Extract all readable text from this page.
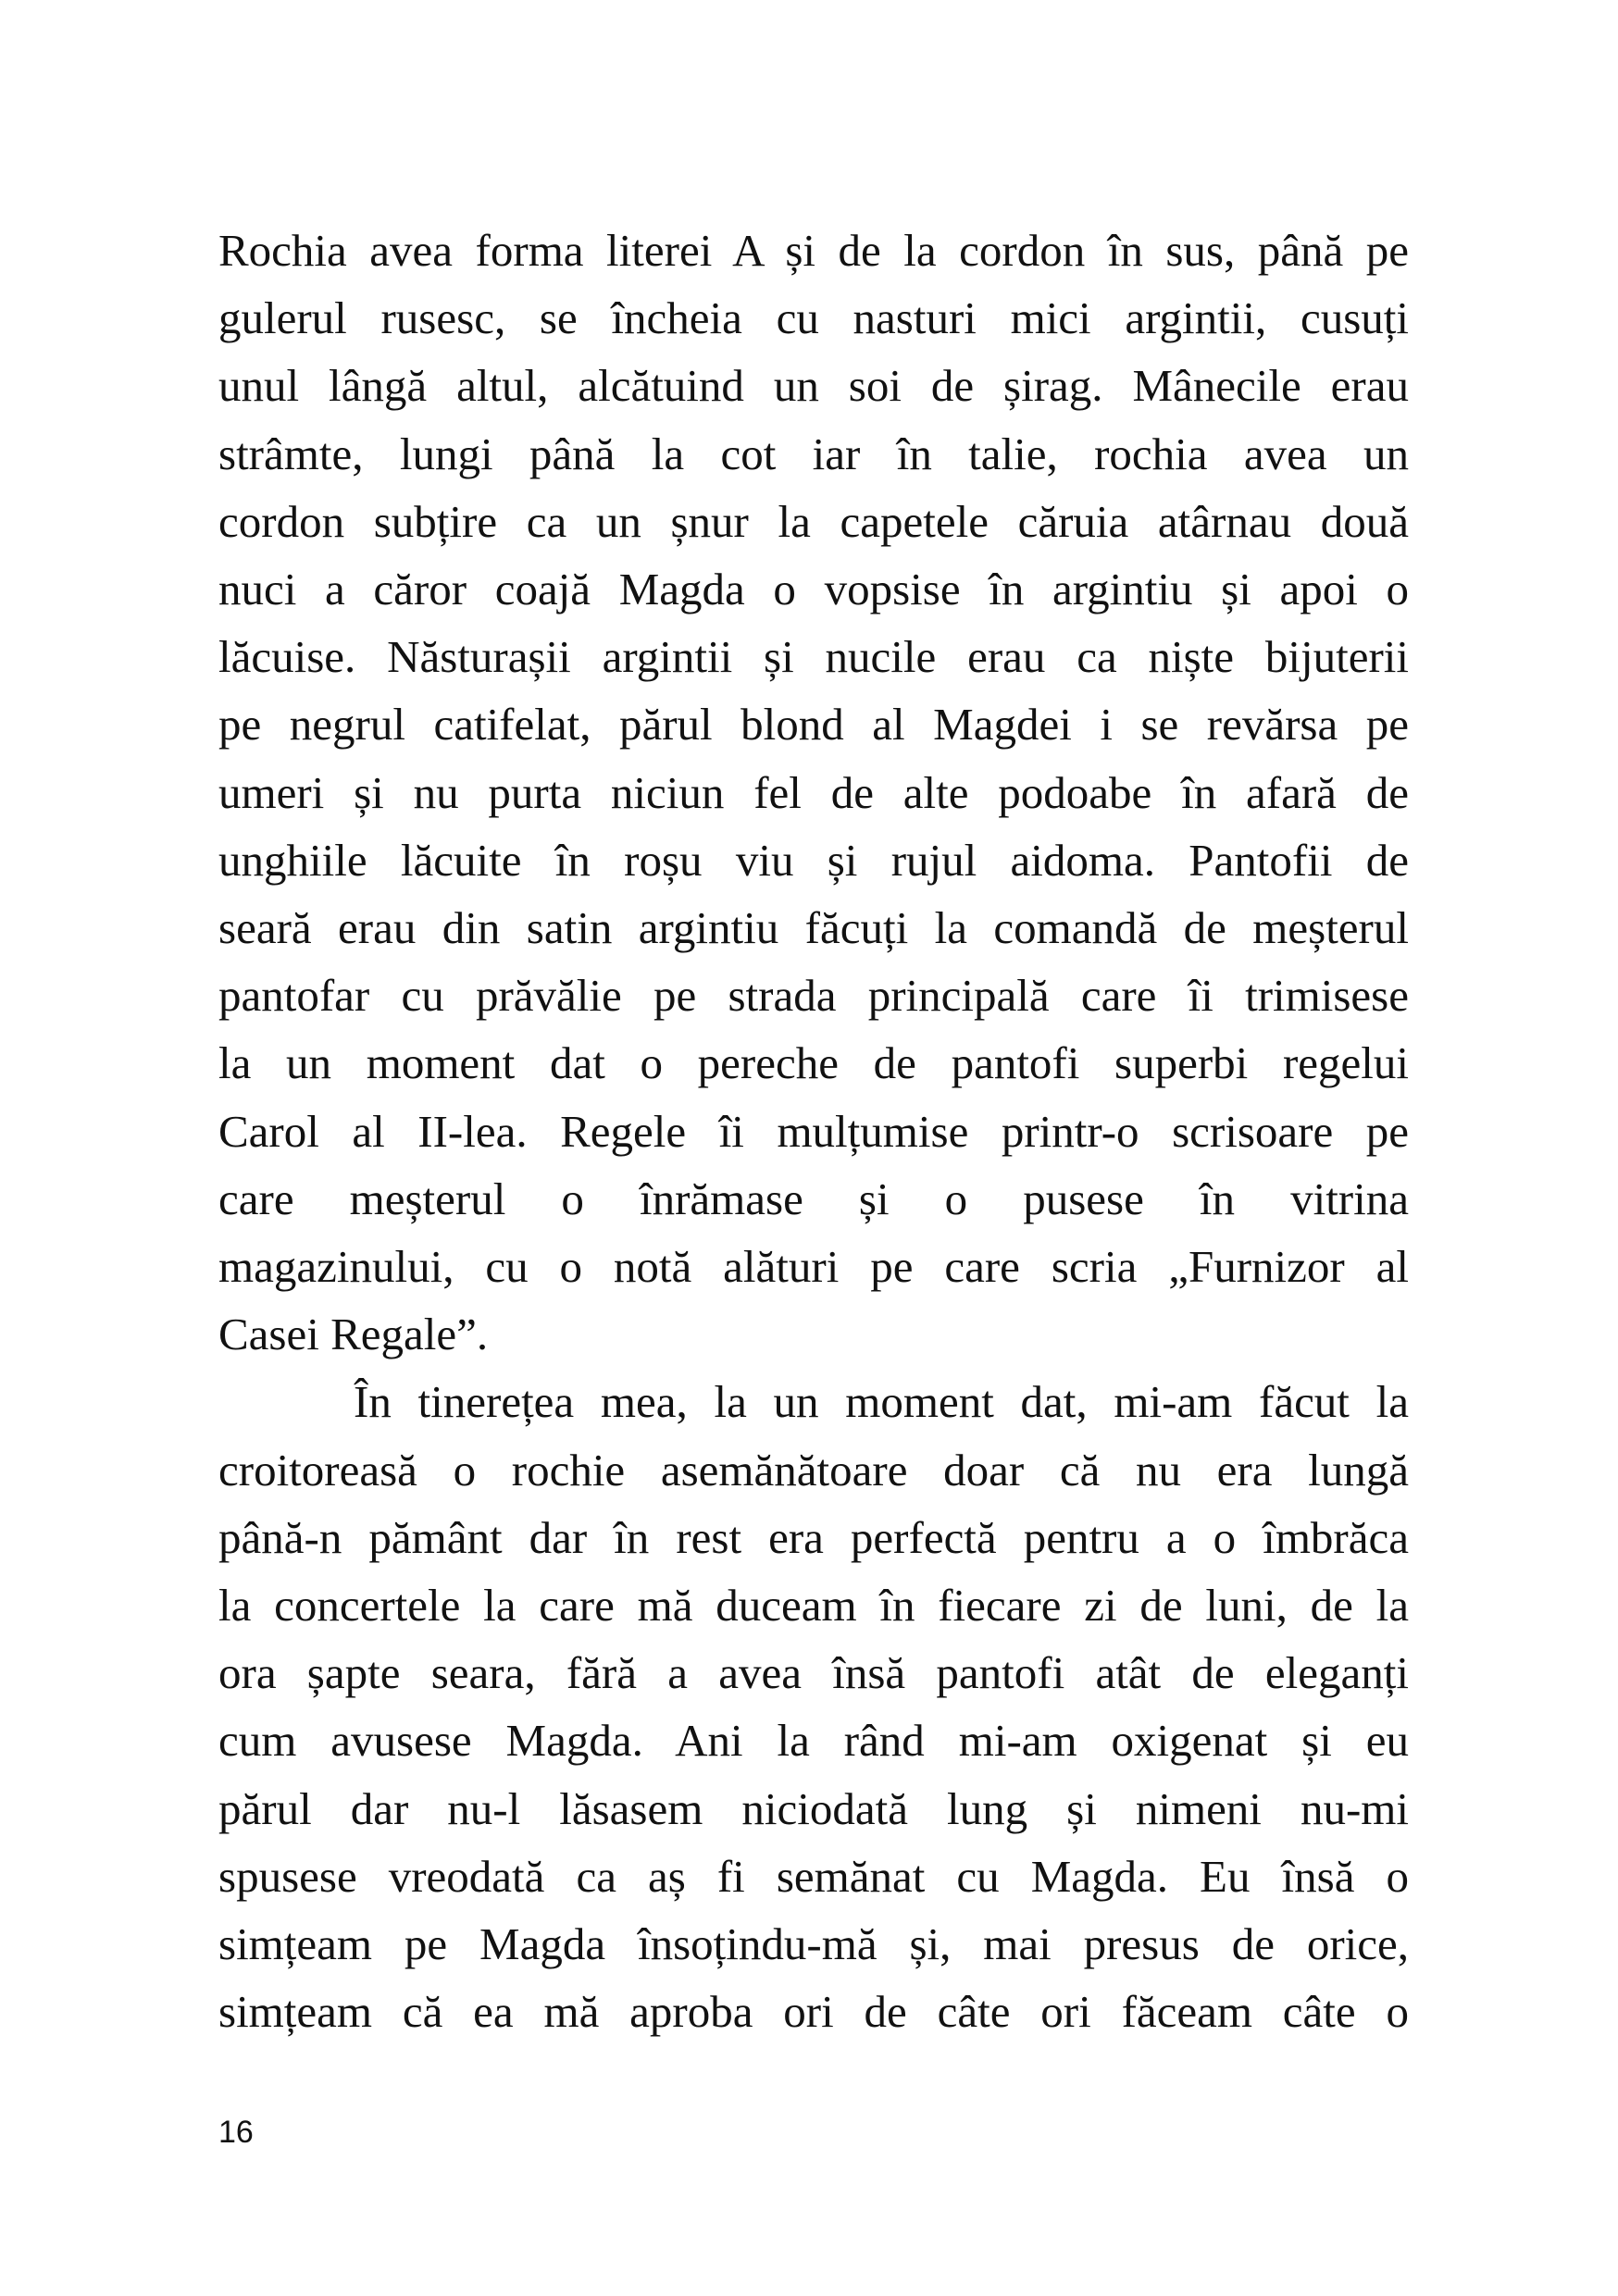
Rochia avea forma literei A și de la cordon în sus, până pe
gulerul rusesc, se încheia cu nasturi mici argintii, cusuți
unul lângă altul, alcătuind un soi de șirag. Mânecile erau
strâmte, lungi până la cot iar în talie, rochia avea un
cordon subțire ca un șnur la capetele căruia atârnau două
nuci a căror coajă Magda o vopsise în argintiu și apoi o
lăcuise. Năsturașii argintii și nucile erau ca niște bijuterii
pe negrul catifelat, părul blond al Magdei i se revărsa pe
umeri și nu purta niciun fel de alte podoabe în afară de
unghiile lăcuite în roșu viu și rujul aidoma. Pantofii de
seară erau din satin argintiu făcuți la comandă de meșterul
pantofar cu prăvălie pe strada principală care îi trimisese
la un moment dat o pereche de pantofi superbi regelui
Carol al II-lea. Regele îi mulțumise printr-o scrisoare pe
care meșterul o înrămase și o pusese în vitrina
magazinului, cu o notă alături pe care scria „Furnizor al
Casei Regale”.
În tinerețea mea, la un moment dat, mi-am făcut la
croitoreasă o rochie asemănătoare doar că nu era lungă
până-n pământ dar în rest era perfectă pentru a o îmbrăca
la concertele la care mă duceam în fiecare zi de luni, de la
ora șapte seara, fără a avea însă pantofi atât de eleganți
cum avusese Magda. Ani la rând mi-am oxigenat și eu
părul dar nu-l lăsasem niciodată lung și nimeni nu-mi
spusese vreodată ca aș fi semănat cu Magda. Eu însă o
simțeam pe Magda însoțindu-mă și, mai presus de orice,
simțeam că ea mă aproba ori de câte ori făceam câte o
16
